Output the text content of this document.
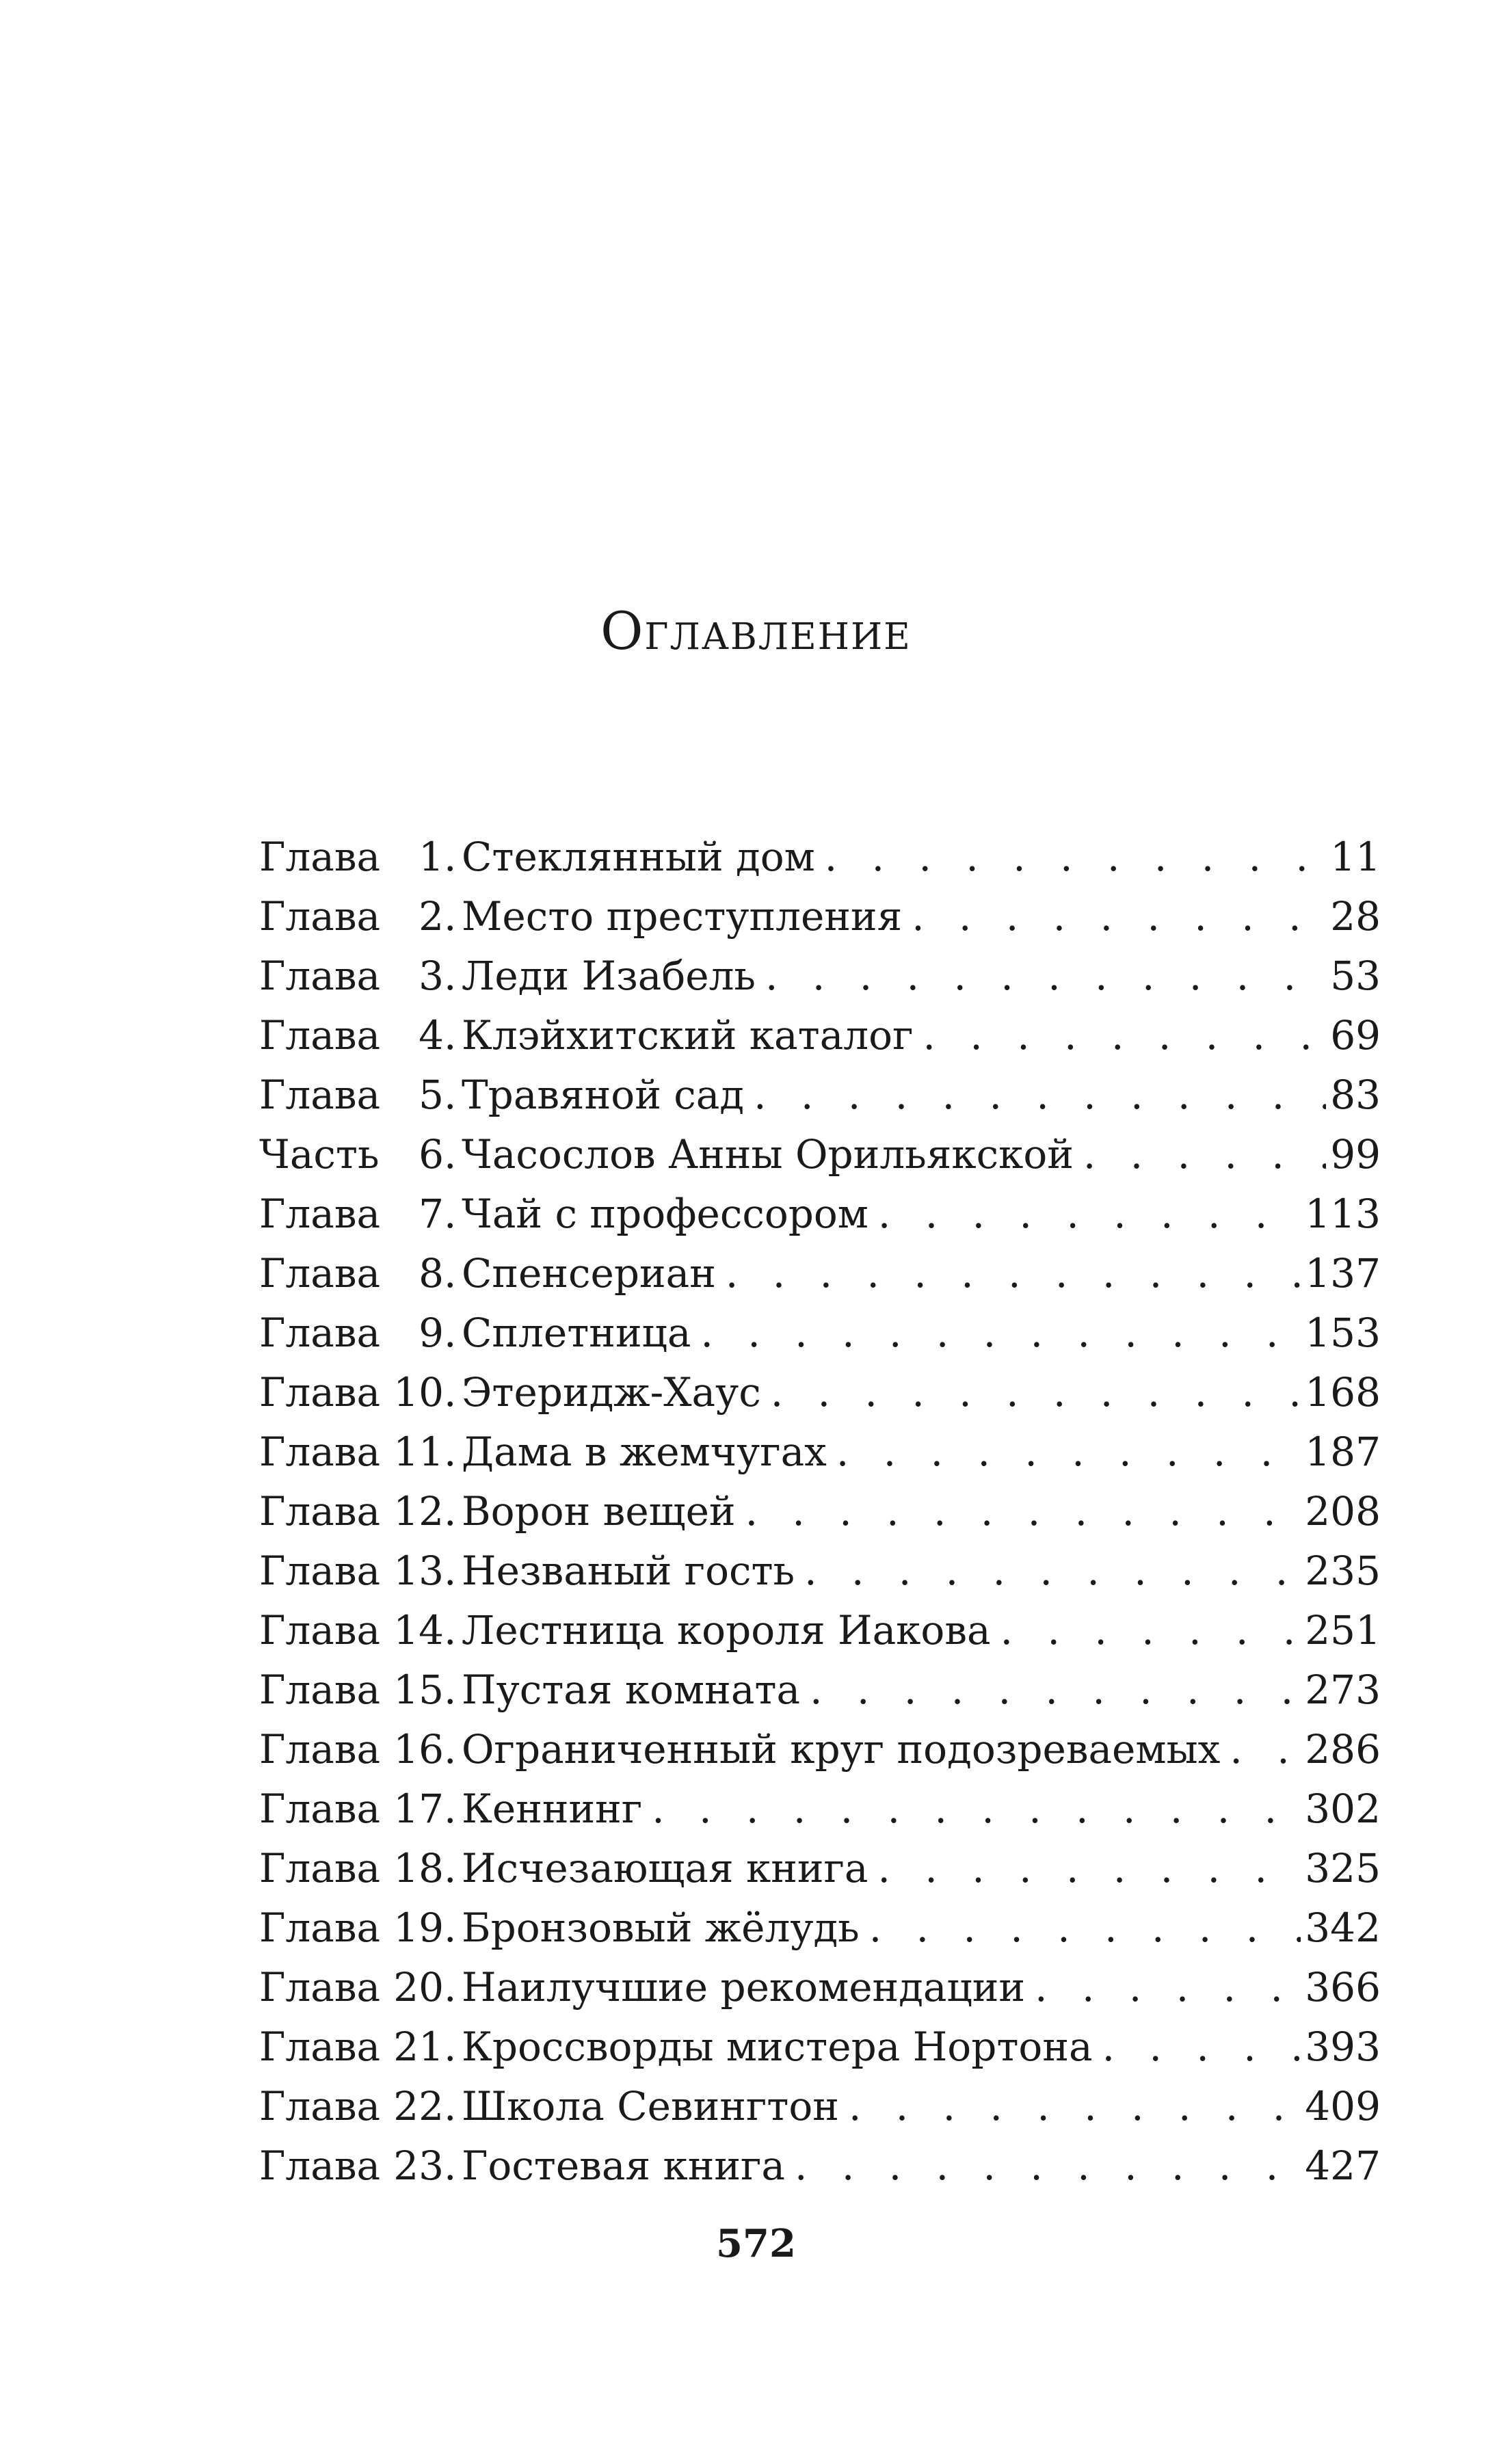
Оглавление
Глава 1 . Стеклянный дом . . .	11
Глава 2 . Место преступления . . .	28
Глава 3 . Леди Изабель . . .	53
Глава 4 . Клэйхитский каталог . . .	69
Глава 5 . Травяной сад . . .	83
Часть 6 . Часослов Анны Орильякской . . .	99
Глава 7 . Чай с профессором . . .	113
Глава 8 . Спенсериан . . .	137
Глава 9 . Сплетница . . .	153
Глава 10 . Этеридж-Хаус . . .	168
Глава 11 . Дама в жемчугах . . .	187
Глава 12 . Ворон вещей . . .	208
Глава 13 . Незваный гость . . .	235
Глава 14 . Лестница короля Иакова . . .	251
Глава 15 . Пустая комната . . .	273
Глава 16 . Ограниченный круг подозреваемых . . . 286
Глава 17 . Кеннинг . . .	302
Глава 18 . Исчезающая книга . . .	325
Глава 19 . Бронзовый жёлудь . . .	342
Глава 20 . Наилучшие рекомендации . . .	366
Глава 21 . Кроссворды мистера Нортона . . .	393
Глава 22 . Школа Севингтон . . .	409
Глава 23 . Гостевая книга . . .	427
572
